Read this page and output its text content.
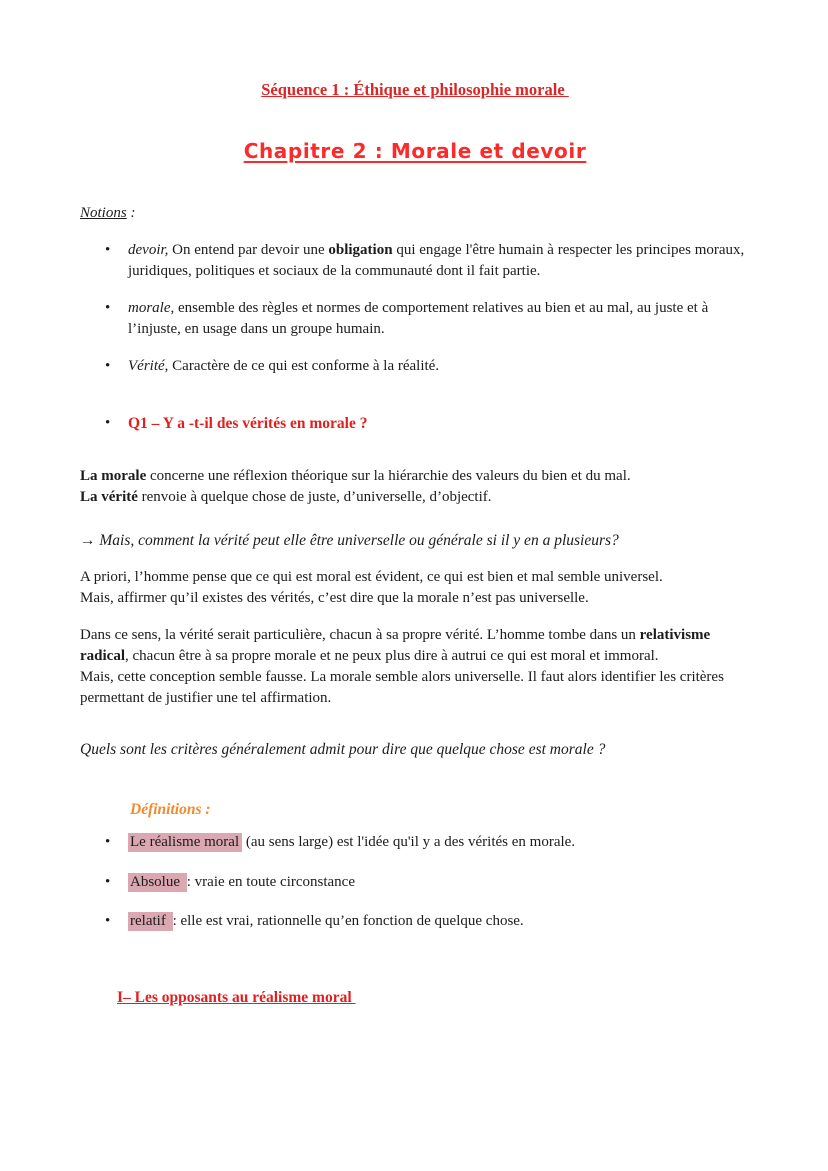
Séquence 1 : Éthique et philosophie morale
Chapitre 2 : Morale et devoir

Notions :

•
devoir, On entend par devoir une obligation qui engage l'être humain à respecter les principes moraux, juridiques, politiques et sociaux de la communauté dont il fait partie.
•
morale, ensemble des règles et normes de comportement relatives au bien et au mal, au juste et à l’injuste, en usage dans un groupe humain.
•
Vérité, Caractère de ce qui est conforme à la réalité.
•
Q1 – Y a -t-il des vérités en morale ?

La morale concerne une réflexion théorique sur la hiérarchie des valeurs du bien et du mal.
La vérité renvoie à quelque chose de juste, d’universelle, d’objectif.

→ Mais, comment la vérité peut elle être universelle ou générale si il y en a plusieurs?

A priori, l’homme pense que ce qui est moral est évident, ce qui est bien et mal semble universel.
Mais, affirmer qu’il existes des vérités, c’est dire que la morale n’est pas universelle.

Dans ce sens, la vérité serait particulière, chacun à sa propre vérité. L’homme tombe dans un relativisme radical, chacun être à sa propre morale et ne peux plus dire à autrui ce qui est moral et immoral.
Mais, cette conception semble fausse. La morale semble alors universelle. Il faut alors identifier les critères permettant de justifier une tel affirmation.

Quels sont les critères généralement admit pour dire que quelque chose est morale ?

Définitions :

•
Le réalisme moral (au sens large) est l'idée qu'il y a des vérités en morale.
•
Absolue : vraie en toute circonstance
•
relatif : elle est vrai, rationnelle qu’en fonction de quelque chose.

I– Les opposants au réalisme moral
